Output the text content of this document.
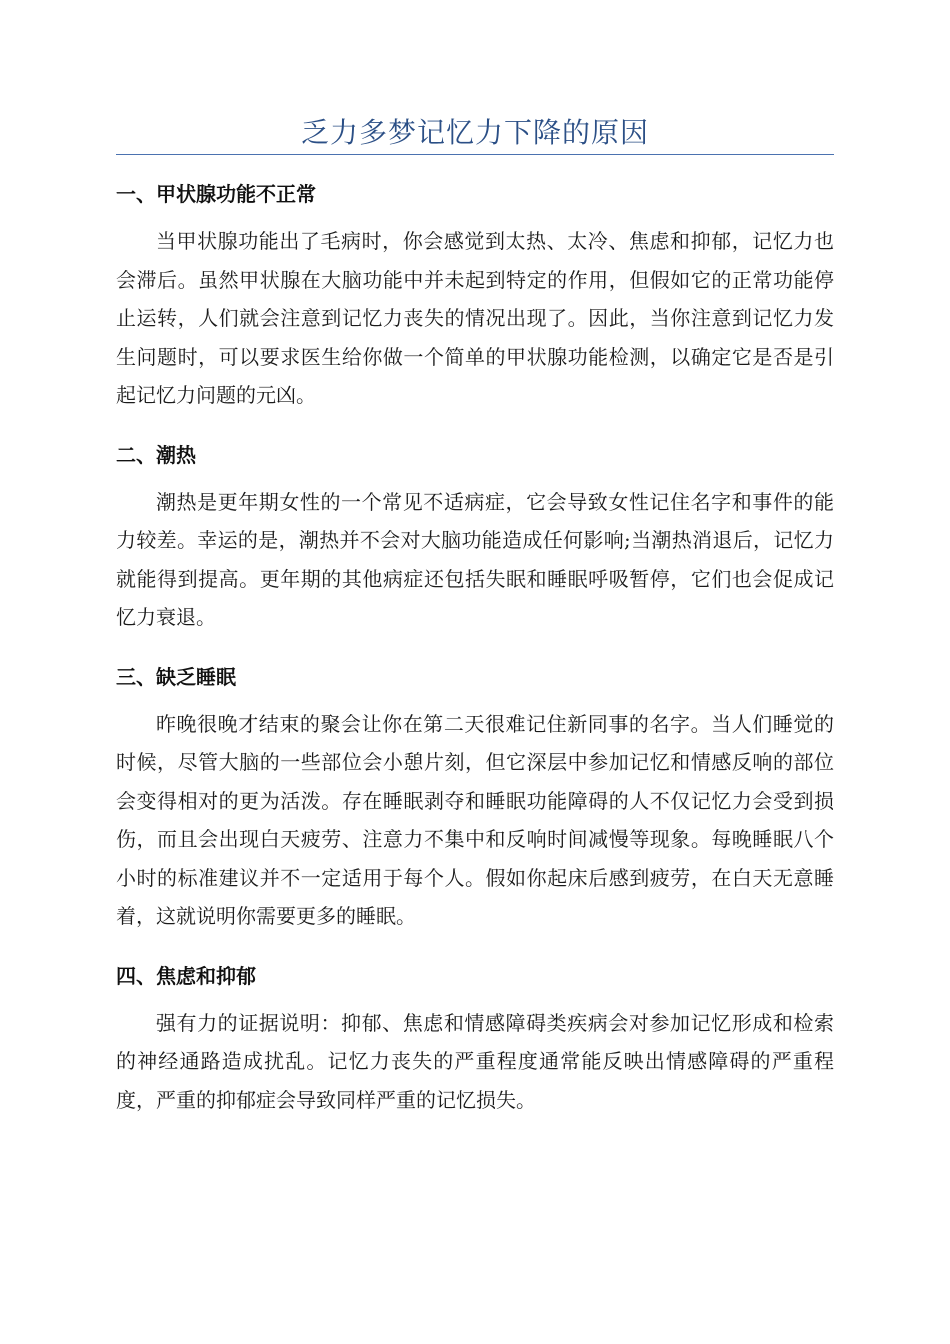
乏力多梦记忆力下降的原因
一、甲状腺功能不正常

当甲状腺功能出了毛病时，你会感觉到太热、太冷、焦虑和抑郁，记忆力也会滞后。虽然甲状腺在大脑功能中并未起到特定的作用，但假如它的正常功能停止运转，人们就会注意到记忆力丧失的情况出现了。因此，当你注意到记忆力发生问题时，可以要求医生给你做一个简单的甲状腺功能检测，以确定它是否是引起记忆力问题的元凶。

二、潮热

潮热是更年期女性的一个常见不适病症，它会导致女性记住名字和事件的能力较差。幸运的是，潮热并不会对大脑功能造成任何影响;当潮热消退后，记忆力就能得到提高。更年期的其他病症还包括失眠和睡眠呼吸暂停，它们也会促成记忆力衰退。

三、缺乏睡眠

昨晚很晚才结束的聚会让你在第二天很难记住新同事的名字。当人们睡觉的时候，尽管大脑的一些部位会小憩片刻，但它深层中参加记忆和情感反响的部位会变得相对的更为活泼。存在睡眠剥夺和睡眠功能障碍的人不仅记忆力会受到损伤，而且会出现白天疲劳、注意力不集中和反响时间减慢等现象。每晚睡眠八个小时的标准建议并不一定适用于每个人。假如你起床后感到疲劳，在白天无意睡着，这就说明你需要更多的睡眠。

四、焦虑和抑郁

强有力的证据说明：抑郁、焦虑和情感障碍类疾病会对参加记忆形成和检索的神经通路造成扰乱。记忆力丧失的严重程度通常能反映出情感障碍的严重程度，严重的抑郁症会导致同样严重的记忆损失。
